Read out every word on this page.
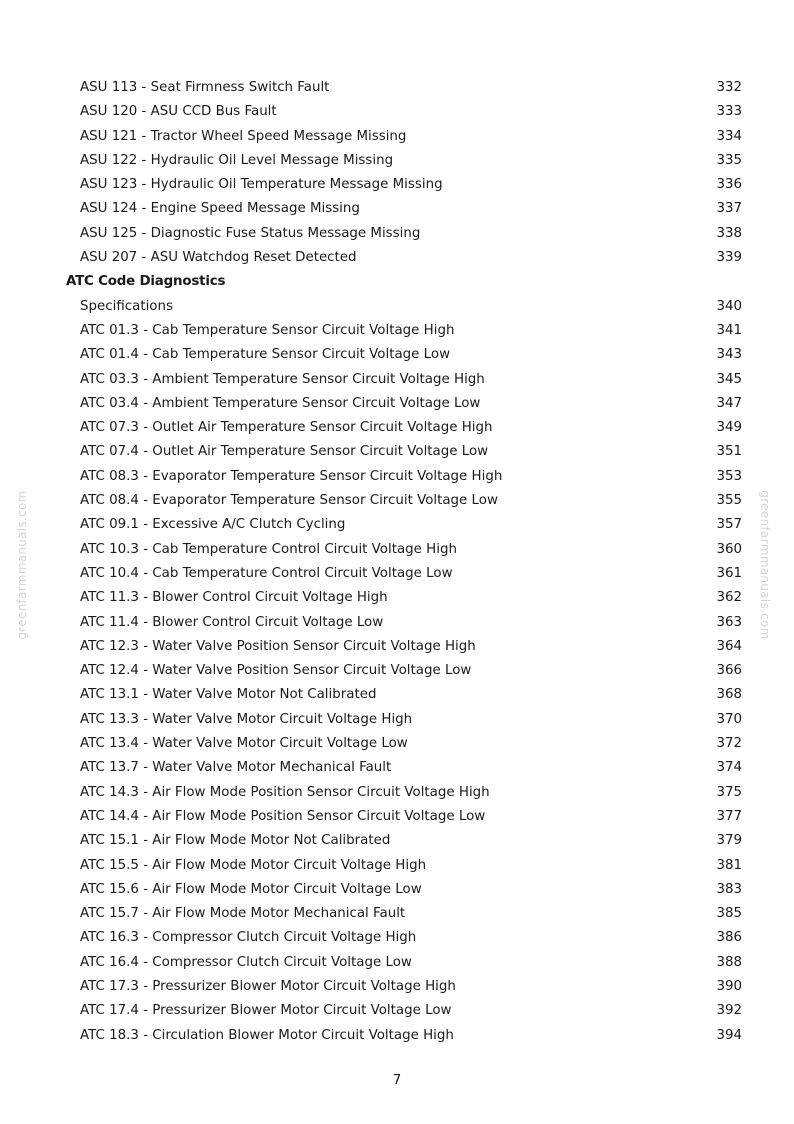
greenfarmmanuals.com	greenfarmmanuals.com
ASU 113 - Seat Firmness Switch Fault	332
ASU 120 - ASU CCD Bus Fault	333
ASU 121 - Tractor Wheel Speed Message Missing	334
ASU 122 - Hydraulic Oil Level Message Missing	335
ASU 123 - Hydraulic Oil Temperature Message Missing	336
ASU 124 - Engine Speed Message Missing	337
ASU 125 - Diagnostic Fuse Status Message Missing	338
ASU 207 - ASU Watchdog Reset Detected	339
ATC Code Diagnostics
Specifications	340
ATC 01.3 - Cab Temperature Sensor Circuit Voltage High	341
ATC 01.4 - Cab Temperature Sensor Circuit Voltage Low	343
ATC 03.3 - Ambient Temperature Sensor Circuit Voltage High	345
ATC 03.4 - Ambient Temperature Sensor Circuit Voltage Low	347
ATC 07.3 - Outlet Air Temperature Sensor Circuit Voltage High	349
ATC 07.4 - Outlet Air Temperature Sensor Circuit Voltage Low	351
ATC 08.3 - Evaporator Temperature Sensor Circuit Voltage High	353
ATC 08.4 - Evaporator Temperature Sensor Circuit Voltage Low	355
ATC 09.1 - Excessive A/C Clutch Cycling	357
ATC 10.3 - Cab Temperature Control Circuit Voltage High	360
ATC 10.4 - Cab Temperature Control Circuit Voltage Low	361
ATC 11.3 - Blower Control Circuit Voltage High	362
ATC 11.4 - Blower Control Circuit Voltage Low	363
ATC 12.3 - Water Valve Position Sensor Circuit Voltage High	364
ATC 12.4 - Water Valve Position Sensor Circuit Voltage Low	366
ATC 13.1 - Water Valve Motor Not Calibrated	368
ATC 13.3 - Water Valve Motor Circuit Voltage High	370
ATC 13.4 - Water Valve Motor Circuit Voltage Low	372
ATC 13.7 - Water Valve Motor Mechanical Fault	374
ATC 14.3 - Air Flow Mode Position Sensor Circuit Voltage High	375
ATC 14.4 - Air Flow Mode Position Sensor Circuit Voltage Low	377
ATC 15.1 - Air Flow Mode Motor Not Calibrated	379
ATC 15.5 - Air Flow Mode Motor Circuit Voltage High	381
ATC 15.6 - Air Flow Mode Motor Circuit Voltage Low	383
ATC 15.7 - Air Flow Mode Motor Mechanical Fault	385
ATC 16.3 - Compressor Clutch Circuit Voltage High	386
ATC 16.4 - Compressor Clutch Circuit Voltage Low	388
ATC 17.3 - Pressurizer Blower Motor Circuit Voltage High	390
ATC 17.4 - Pressurizer Blower Motor Circuit Voltage Low	392
ATC 18.3 - Circulation Blower Motor Circuit Voltage High	394
7
